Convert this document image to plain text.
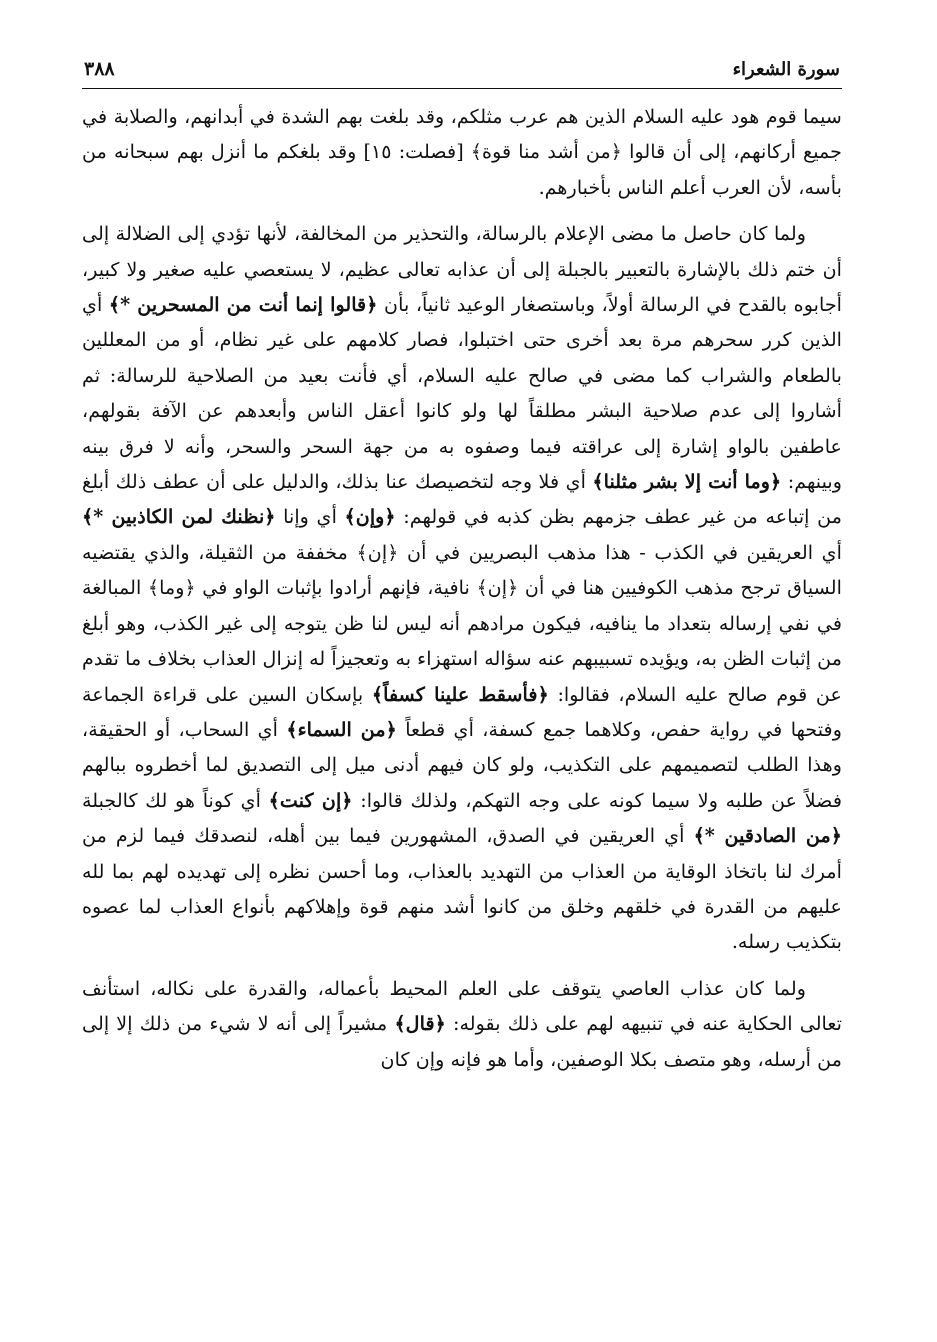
سورة الشعراء
٣٨٨

سيما قوم هود عليه السلام الذين هم عرب مثلكم، وقد بلغت بهم الشدة في أبدانهم، والصلابة في جميع أركانهم، إلى أن قالوا ﴿من أشد منا قوة﴾ [فصلت: ١٥] وقد بلغكم ما أنزل بهم سبحانه من بأسه، لأن العرب أعلم الناس بأخبارهم.

ولما كان حاصل ما مضى الإعلام بالرسالة، والتحذير من المخالفة، لأنها تؤدي إلى الضلالة إلى أن ختم ذلك بالإشارة بالتعبير بالجبلة إلى أن عذابه تعالى عظيم، لا يستعصي عليه صغير ولا كبير، أجابوه بالقدح في الرسالة أولاً، وباستصغار الوعيد ثانياً، بأن ﴿قالوا إنما أنت من المسحرين *﴾ أي الذين كرر سحرهم مرة بعد أخرى حتى اختبلوا، فصار كلامهم على غير نظام، أو من المعللين بالطعام والشراب كما مضى في صالح عليه السلام، أي فأنت بعيد من الصلاحية للرسالة: ثم أشاروا إلى عدم صلاحية البشر مطلقاً لها ولو كانوا أعقل الناس وأبعدهم عن الآفة بقولهم، عاطفين بالواو إشارة إلى عراقته فيما وصفوه به من جهة السحر والسحر، وأنه لا فرق بينه وبينهم: ﴿وما أنت إلا بشر مثلنا﴾ أي فلا وجه لتخصيصك عنا بذلك، والدليل على أن عطف ذلك أبلغ من إتباعه من غير عطف جزمهم بظن كذبه في قولهم: ﴿وإن﴾ أي وإنا ﴿نظنك لمن الكاذبين *﴾ أي العريقين في الكذب - هذا مذهب البصريين في أن ﴿إن﴾ مخففة من الثقيلة، والذي يقتضيه السياق ترجح مذهب الكوفيين هنا في أن ﴿إن﴾ نافية، فإنهم أرادوا بإثبات الواو في ﴿وما﴾ المبالغة في نفي إرساله بتعداد ما ينافيه، فيكون مرادهم أنه ليس لنا ظن يتوجه إلى غير الكذب، وهو أبلغ من إثبات الظن به، ويؤيده تسبيبهم عنه سؤاله استهزاء به وتعجيزاً له إنزال العذاب بخلاف ما تقدم عن قوم صالح عليه السلام، فقالوا: ﴿فأسقط علينا كسفاً﴾ بإسكان السين على قراءة الجماعة وفتحها في رواية حفص، وكلاهما جمع كسفة، أي قطعاً ﴿من السماء﴾ أي السحاب، أو الحقيقة، وهذا الطلب لتصميمهم على التكذيب، ولو كان فيهم أدنى ميل إلى التصديق لما أخطروه ببالهم فضلاً عن طلبه ولا سيما كونه على وجه التهكم، ولذلك قالوا: ﴿إن كنت﴾ أي كوناً هو لك كالجبلة ﴿من الصادقين *﴾ أي العريقين في الصدق، المشهورين فيما بين أهله، لنصدقك فيما لزم من أمرك لنا باتخاذ الوقاية من العذاب من التهديد بالعذاب، وما أحسن نظره إلى تهديده لهم بما لله عليهم من القدرة في خلقهم وخلق من كانوا أشد منهم قوة وإهلاكهم بأنواع العذاب لما عصوه بتكذيب رسله.

ولما كان عذاب العاصي يتوقف على العلم المحيط بأعماله، والقدرة على نكاله، استأنف تعالى الحكاية عنه في تنبيهه لهم على ذلك بقوله: ﴿قال﴾ مشيراً إلى أنه لا شيء من ذلك إلا إلى من أرسله، وهو متصف بكلا الوصفين، وأما هو فإنه وإن كان
